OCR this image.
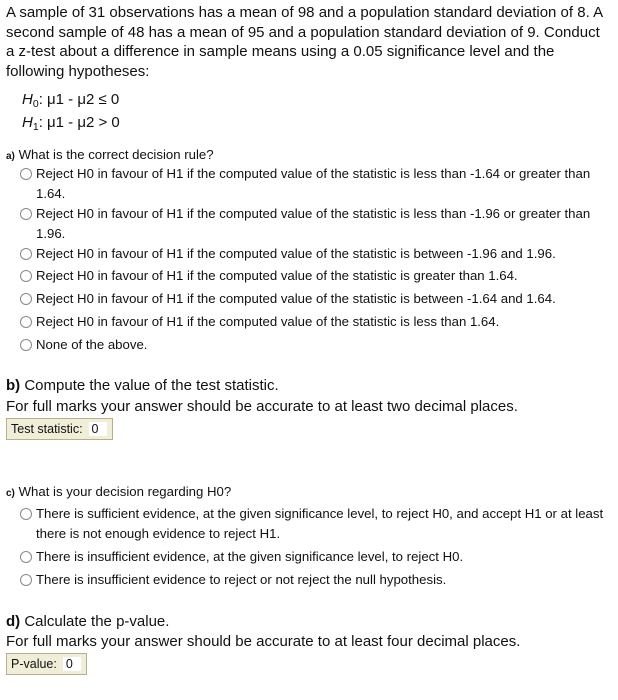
A sample of 31 observations has a mean of 98 and a population standard deviation of 8. A second sample of 48 has a mean of 95 and a population standard deviation of 9. Conduct a z-test about a difference in sample means using a 0.05 significance level and the following hypotheses:
$H_0$: μ1 - μ2 ≤ 0
$H_1$: μ1 - μ2 > 0
a) What is the correct decision rule?
Reject H0 in favour of H1 if the computed value of the statistic is less than -1.64 or greater than 1.64.
Reject H0 in favour of H1 if the computed value of the statistic is less than -1.96 or greater than 1.96.
Reject H0 in favour of H1 if the computed value of the statistic is between -1.96 and 1.96.
Reject H0 in favour of H1 if the computed value of the statistic is greater than 1.64.
Reject H0 in favour of H1 if the computed value of the statistic is between -1.64 and 1.64.
Reject H0 in favour of H1 if the computed value of the statistic is less than 1.64.
None of the above.
b) Compute the value of the test statistic.
For full marks your answer should be accurate to at least two decimal places.
Test statistic: 0
c) What is your decision regarding H0?
There is sufficient evidence, at the given significance level, to reject H0, and accept H1 or at least there is not enough evidence to reject H1.
There is insufficient evidence, at the given significance level, to reject H0.
There is insufficient evidence to reject or not reject the null hypothesis.
d) Calculate the p-value.
For full marks your answer should be accurate to at least four decimal places.
P-value: 0
